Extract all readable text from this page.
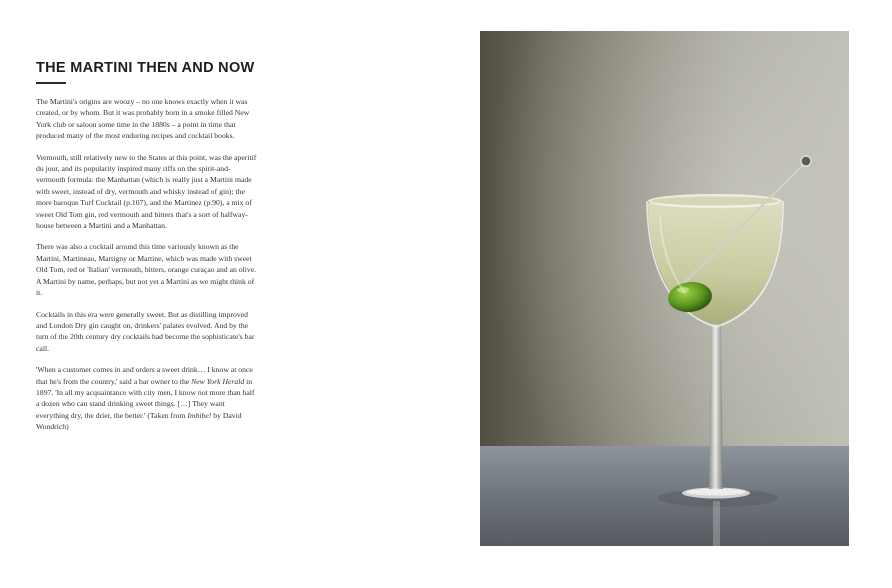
THE MARTINI THEN AND NOW

The Martini's origins are woozy – no one knows exactly when it was created, or by whom. But it was probably born in a smoke filled New York club or saloon some time in the 1880s – a point in time that produced many of the most enduring recipes and cocktail books.

Vermouth, still relatively new to the States at this point, was the aperitif du jour, and its popularity inspired many riffs on the spirit-and-vermouth formula: the Manhattan (which is really just a Martini made with sweet, instead of dry, vermouth and whisky instead of gin); the more baroque Turf Cocktail (p.107), and the Martinez (p.90), a mix of sweet Old Tom gin, red vermouth and bitters that's a sort of halfway-house between a Martini and a Manhattan.

There was also a cocktail around this time variously known as the Martini, Martineau, Martigny or Martine, which was made with sweet Old Tom, red or 'Italian' vermouth, bitters, orange curaçao and an olive. A Martini by name, perhaps, but not yet a Martini as we might think of it.

Cocktails in this era were generally sweet. But as distilling improved and London Dry gin caught on, drinkers' palates evolved. And by the turn of the 20th century dry cocktails had become the sophisticate's bar call.

'When a customer comes in and orders a sweet drink… I know at once that he's from the country,' said a bar owner to the New York Herald in 1897. 'In all my acquaintance with city men, I know not more than half a dozen who can stand drinking sweet things. […] They want everything dry, the drier, the better.' (Taken from Imbibe! by David Wondrich)
